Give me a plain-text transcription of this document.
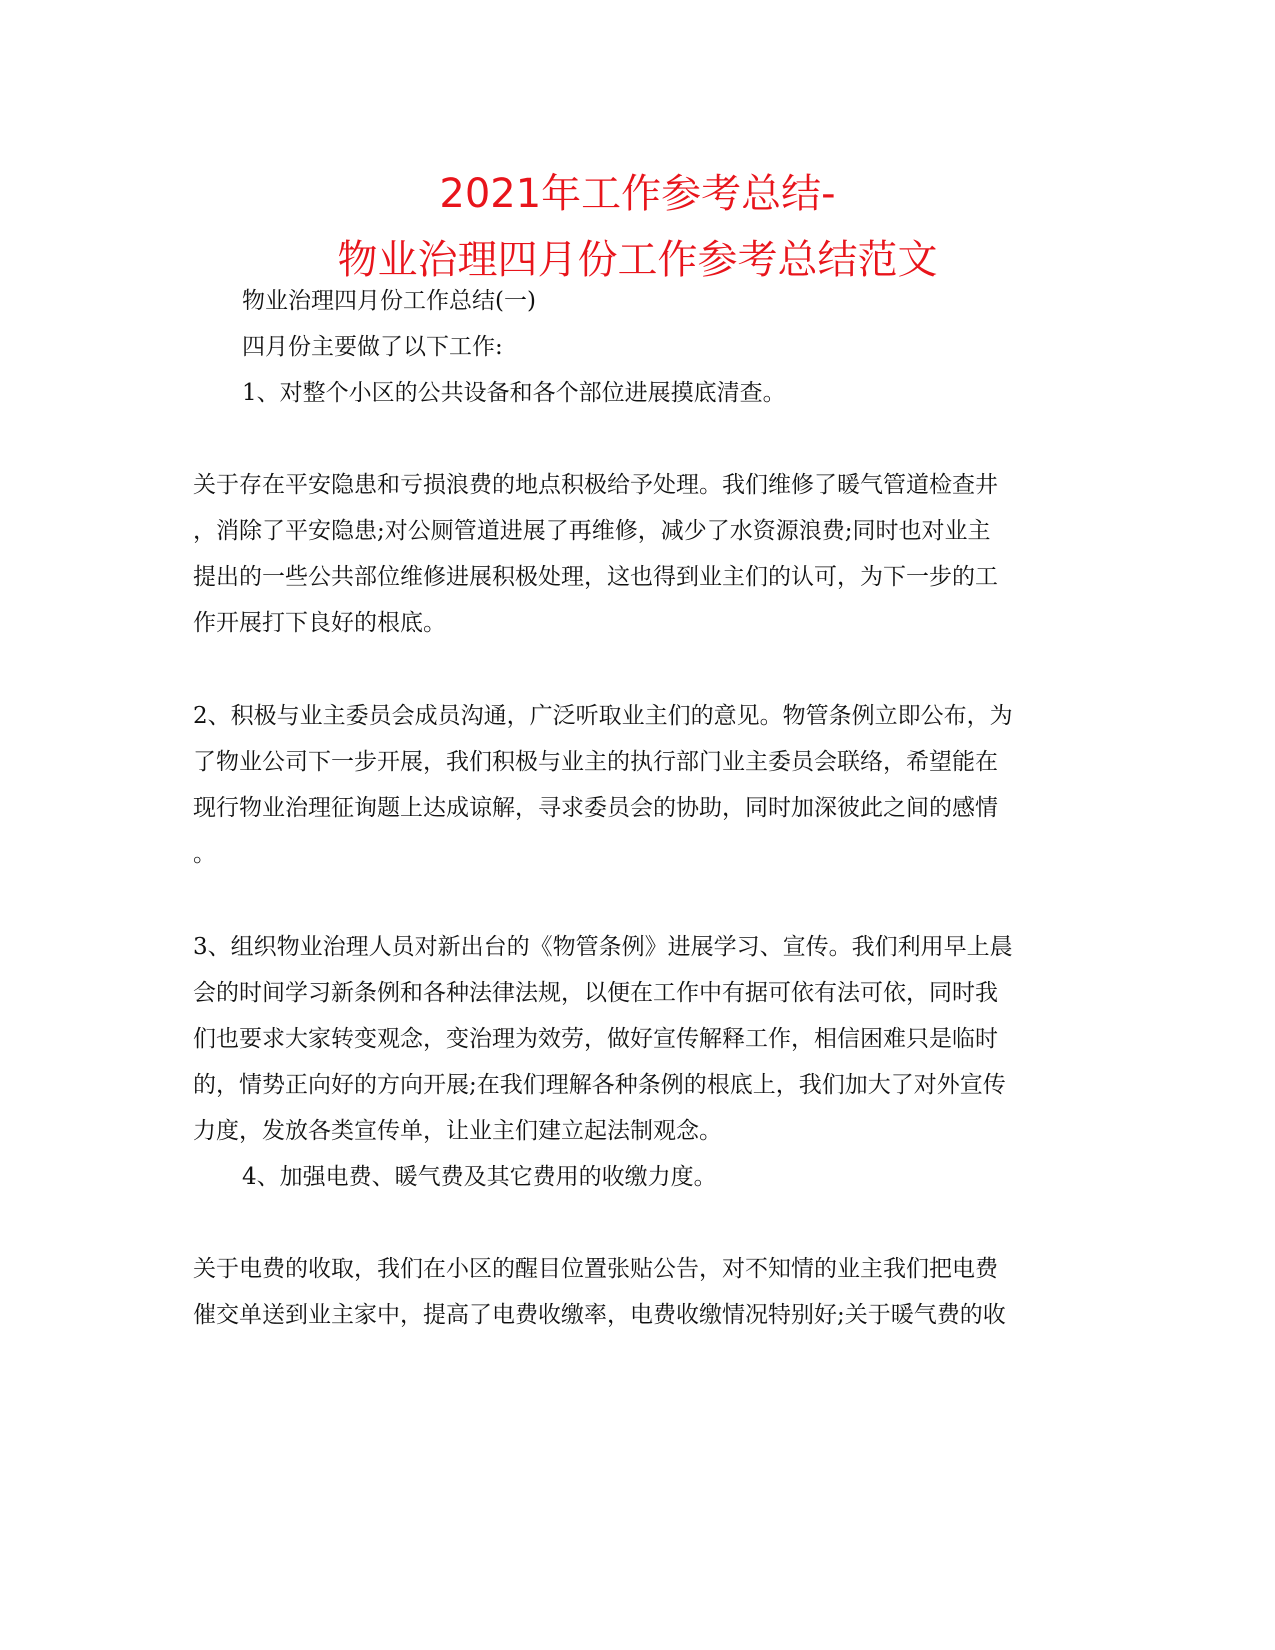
2021年工作参考总结-
物业治理四月份工作参考总结范文
物业治理四月份工作总结(一)
四月份主要做了以下工作:
1、对整个小区的公共设备和各个部位进展摸底清查。
关于存在平安隐患和亏损浪费的地点积极给予处理。我们维修了暖气管道检查井
，消除了平安隐患;对公厕管道进展了再维修，减少了水资源浪费;同时也对业主
提出的一些公共部位维修进展积极处理，这也得到业主们的认可，为下一步的工
作开展打下良好的根底。
2、积极与业主委员会成员沟通，广泛听取业主们的意见。物管条例立即公布，为
了物业公司下一步开展，我们积极与业主的执行部门业主委员会联络，希望能在
现行物业治理征询题上达成谅解，寻求委员会的协助，同时加深彼此之间的感情
。
3、组织物业治理人员对新出台的《物管条例》进展学习、宣传。我们利用早上晨
会的时间学习新条例和各种法律法规，以便在工作中有据可依有法可依，同时我
们也要求大家转变观念，变治理为效劳，做好宣传解释工作，相信困难只是临时
的，情势正向好的方向开展;在我们理解各种条例的根底上，我们加大了对外宣传
力度，发放各类宣传单，让业主们建立起法制观念。
4、加强电费、暖气费及其它费用的收缴力度。
关于电费的收取，我们在小区的醒目位置张贴公告，对不知情的业主我们把电费
催交单送到业主家中，提高了电费收缴率，电费收缴情况特别好;关于暖气费的收
